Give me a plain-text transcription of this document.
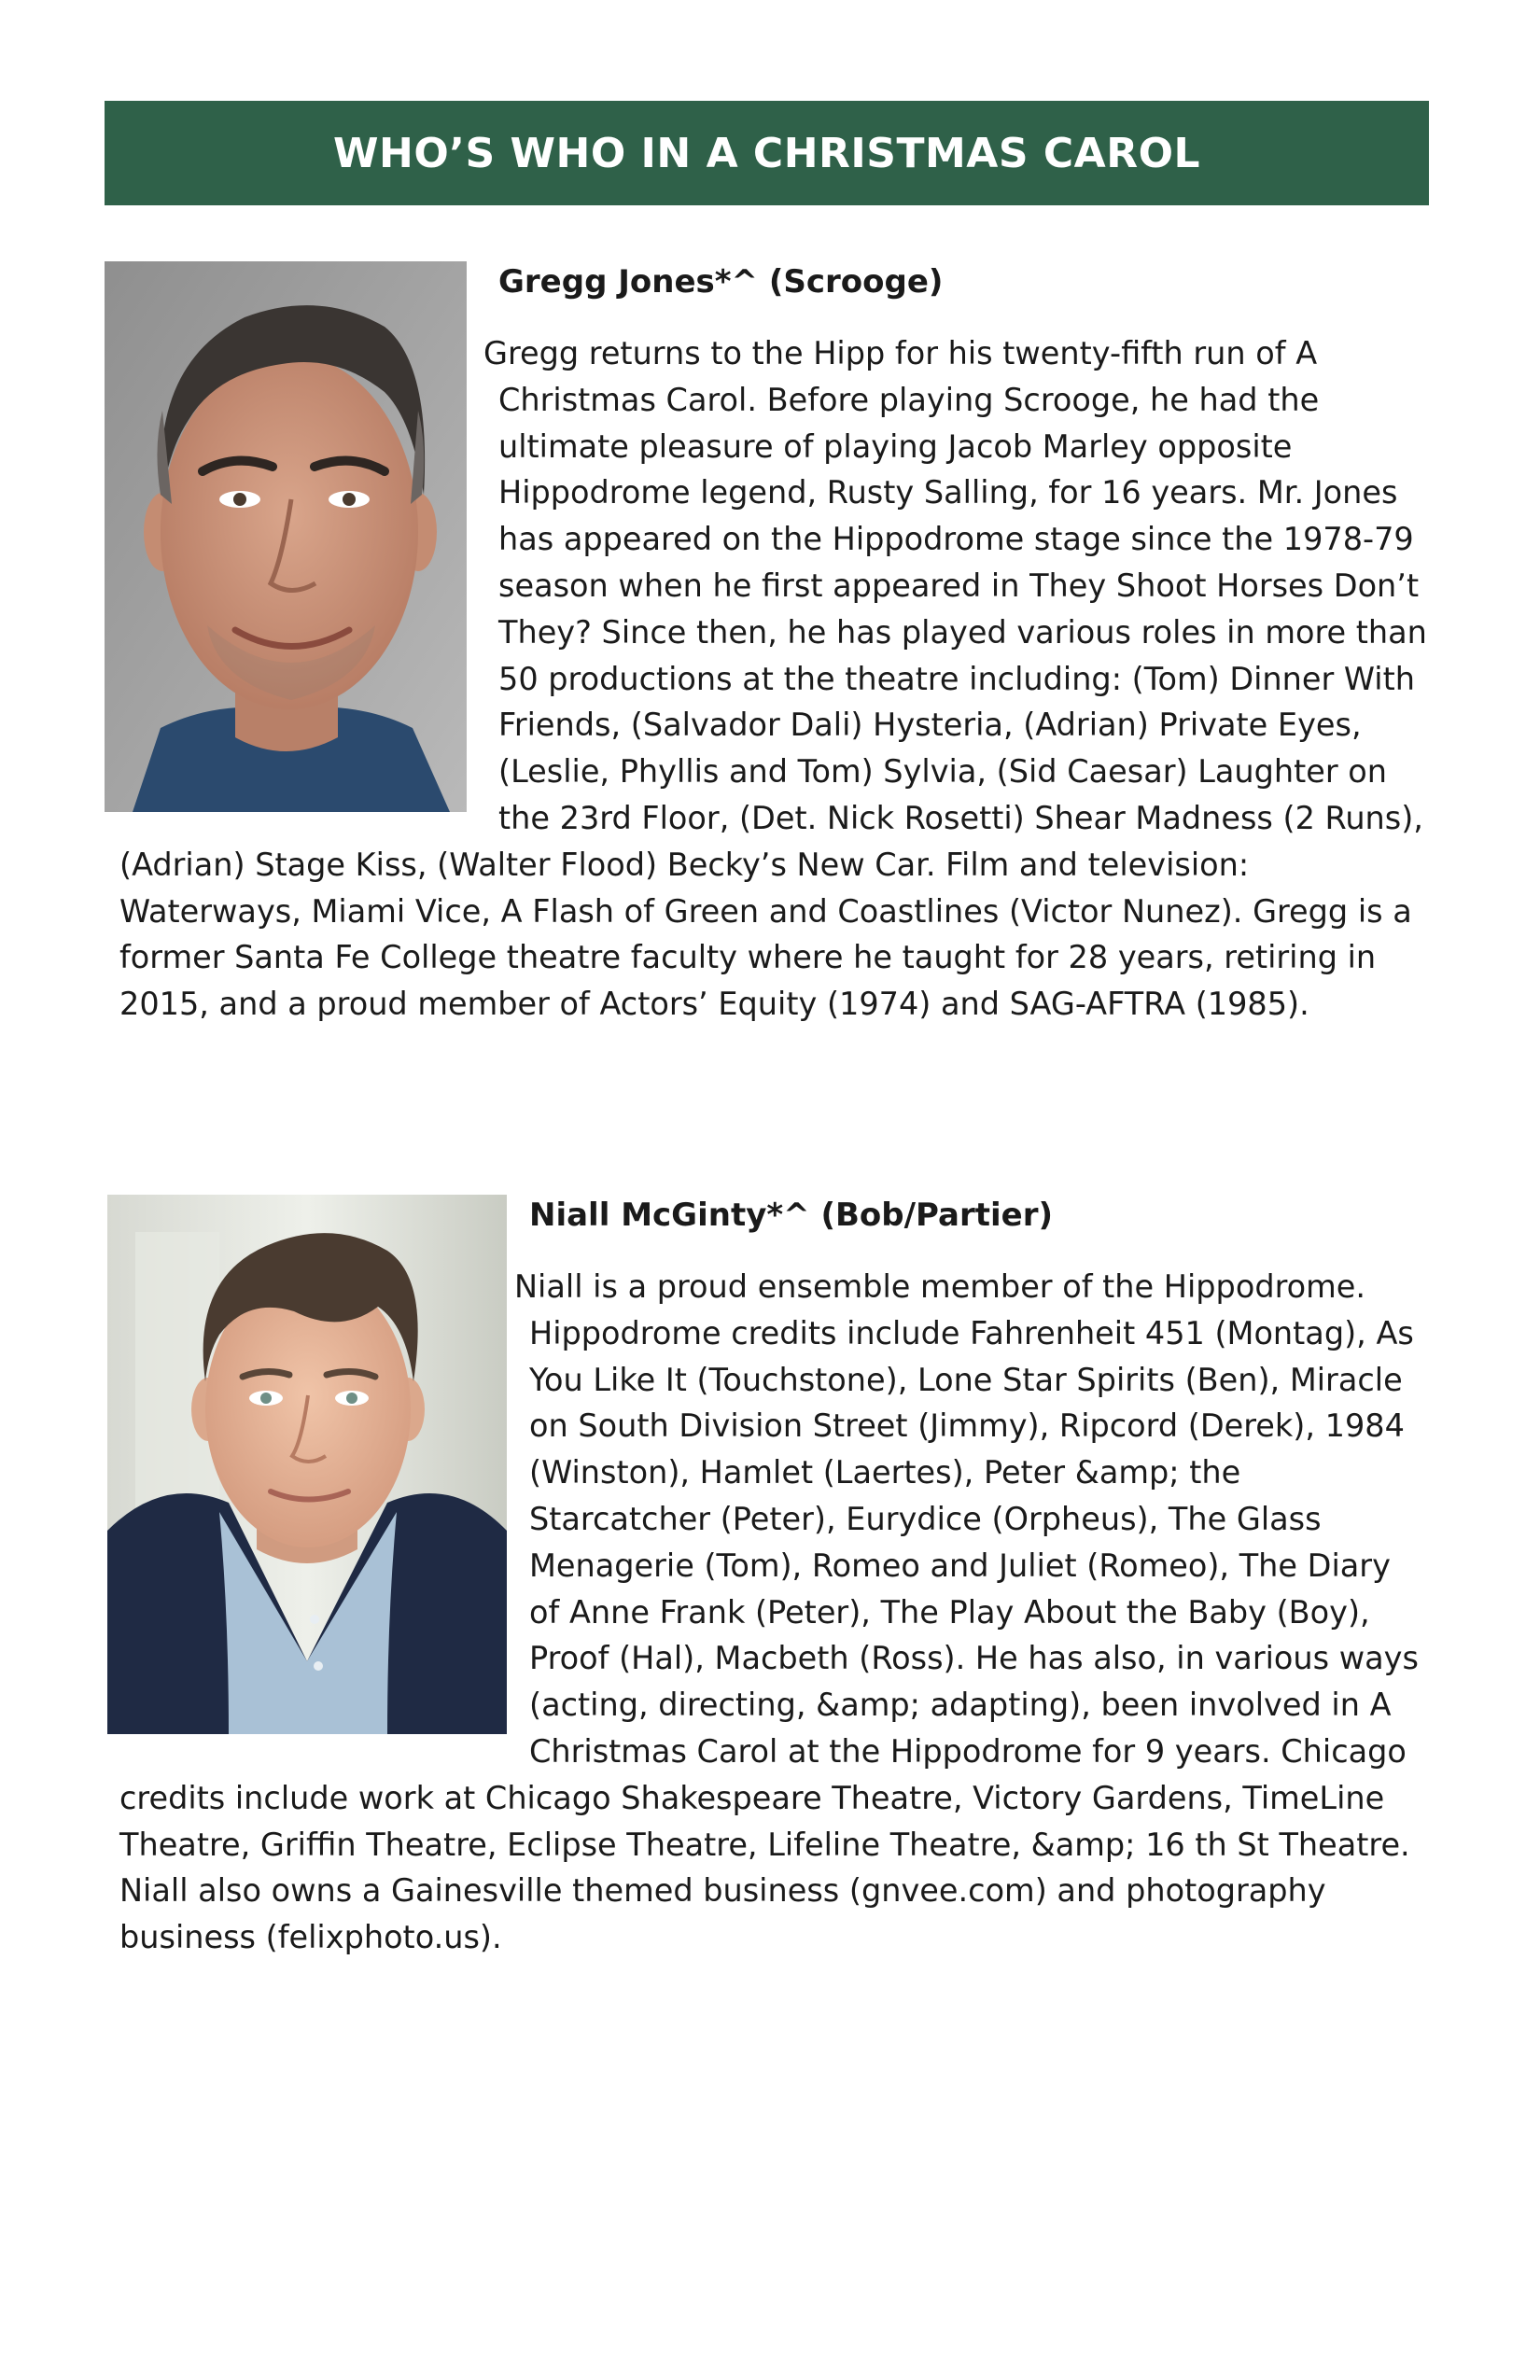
WHO’S WHO IN A CHRISTMAS CAROL
Gregg Jones*^ (Scrooge)

Gregg returns to the Hipp for his twenty-fifth run of A Christmas Carol. Before playing Scrooge, he had the ultimate pleasure of playing Jacob Marley opposite Hippodrome legend, Rusty Salling, for 16 years. Mr. Jones has appeared on the Hippodrome stage since the 1978-79 season when he first appeared in They Shoot Horses Don’t They? Since then, he has played various roles in more than 50 productions at the theatre including: (Tom) Dinner With Friends, (Salvador Dali) Hysteria, (Adrian) Private Eyes, (Leslie, Phyllis and Tom) Sylvia, (Sid Caesar) Laughter on the 23rd Floor, (Det. Nick Rosetti) Shear Madness (2 Runs), (Adrian) Stage Kiss, (Walter Flood) Becky’s New Car. Film and television: Waterways, Miami Vice, A Flash of Green and Coastlines (Victor Nunez). Gregg is a former Santa Fe College theatre faculty where he taught for 28 years, retiring in 2015, and a proud member of Actors’ Equity (1974) and SAG-AFTRA (1985).

Niall McGinty*^ (Bob/Partier)

Niall is a proud ensemble member of the Hippodrome. Hippodrome credits include Fahrenheit 451 (Montag), As You Like It (Touchstone), Lone Star Spirits (Ben), Miracle on South Division Street (Jimmy), Ripcord (Derek), 1984 (Winston), Hamlet (Laertes), Peter &amp; the Starcatcher (Peter), Eurydice (Orpheus), The Glass Menagerie (Tom), Romeo and Juliet (Romeo), The Diary of Anne Frank (Peter), The Play About the Baby (Boy), Proof (Hal), Macbeth (Ross). He has also, in various ways (acting, directing, &amp; adapting), been involved in A Christmas Carol at the Hippodrome for 9 years. Chicago credits include work at Chicago Shakespeare Theatre, Victory Gardens, TimeLine Theatre, Griffin Theatre, Eclipse Theatre, Lifeline Theatre, &amp; 16 th St Theatre. Niall also owns a Gainesville themed business (gnvee.com) and photography business (felixphoto.us).
